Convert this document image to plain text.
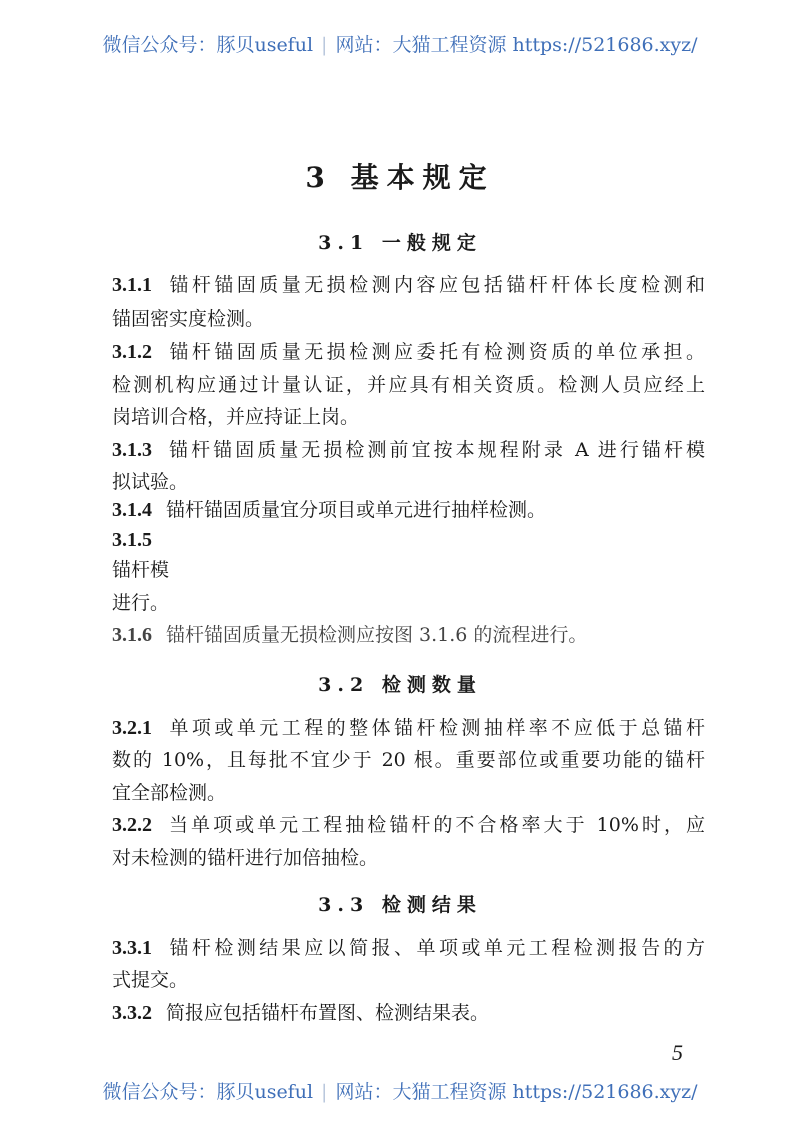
微信公众号：豚贝useful | 网站：大猫工程资源 https://521686.xyz/
3 基本规定
3.1 一般规定
3.1.1 锚杆锚固质量无损检测内容应包括锚杆杆体长度检测和
锚固密实度检测。
3.1.2 锚杆锚固质量无损检测应委托有检测资质的单位承担。
检测机构应通过计量认证，并应具有相关资质。检测人员应经上
岗培训合格，并应持证上岗。
3.1.3 锚杆锚固质量无损检测前宜按本规程附录 A 进行锚杆模
拟试验。
3.1.4 锚杆锚固质量宜分项目或单元进行抽样检测。
3.1.5
锚杆模
进行。
3.1.6 锚杆锚固质量无损检测应按图 3.1.6 的流程进行。
3.2 检测数量
3.2.1 单项或单元工程的整体锚杆检测抽样率不应低于总锚杆
数的 10%，且每批不宜少于 20 根。重要部位或重要功能的锚杆
宜全部检测。
3.2.2 当单项或单元工程抽检锚杆的不合格率大于 10%时，应
对未检测的锚杆进行加倍抽检。
3.3 检测结果
3.3.1 锚杆检测结果应以简报、单项或单元工程检测报告的方
式提交。
3.3.2 简报应包括锚杆布置图、检测结果表。
5
微信公众号：豚贝useful | 网站：大猫工程资源 https://521686.xyz/
